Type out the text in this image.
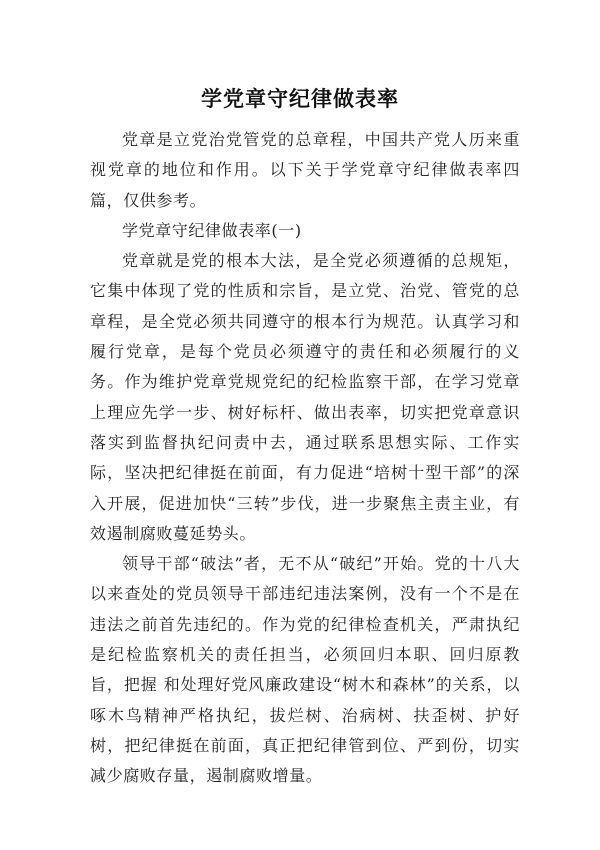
学党章守纪律做表率

党章是立党治党管党的总章程，中国共产党人历来重视党章的地位和作用。以下关于学党章守纪律做表率四篇，仅供参考。

学党章守纪律做表率(一)

党章就是党的根本大法，是全党必须遵循的总规矩，它集中体现了党的性质和宗旨，是立党、治党、管党的总章程，是全党必须共同遵守的根本行为规范。认真学习和履行党章，是每个党员必须遵守的责任和必须履行的义务。作为维护党章党规党纪的纪检监察干部，在学习党章上理应先学一步、树好标杆、做出表率，切实把党章意识落实到监督执纪问责中去，通过联系思想实际、工作实际，坚决把纪律挺在前面，有力促进“培树十型干部”的深入开展，促进加快“三转”步伐，进一步聚焦主责主业，有效遏制腐败蔓延势头。

领导干部“破法”者，无不从“破纪”开始。党的十八大以来查处的党员领导干部违纪违法案例，没有一个不是在违法之前首先违纪的。作为党的纪律检查机关，严肃执纪是纪检监察机关的责任担当，必须回归本职、回归原教旨，把握 和处理好党风廉政建设“树木和森林”的关系，以啄木鸟精神严格执纪，拔烂树、治病树、扶歪树、护好树，把纪律挺在前面，真正把纪律管到位、严到份，切实减少腐败存量，遏制腐败增量。
